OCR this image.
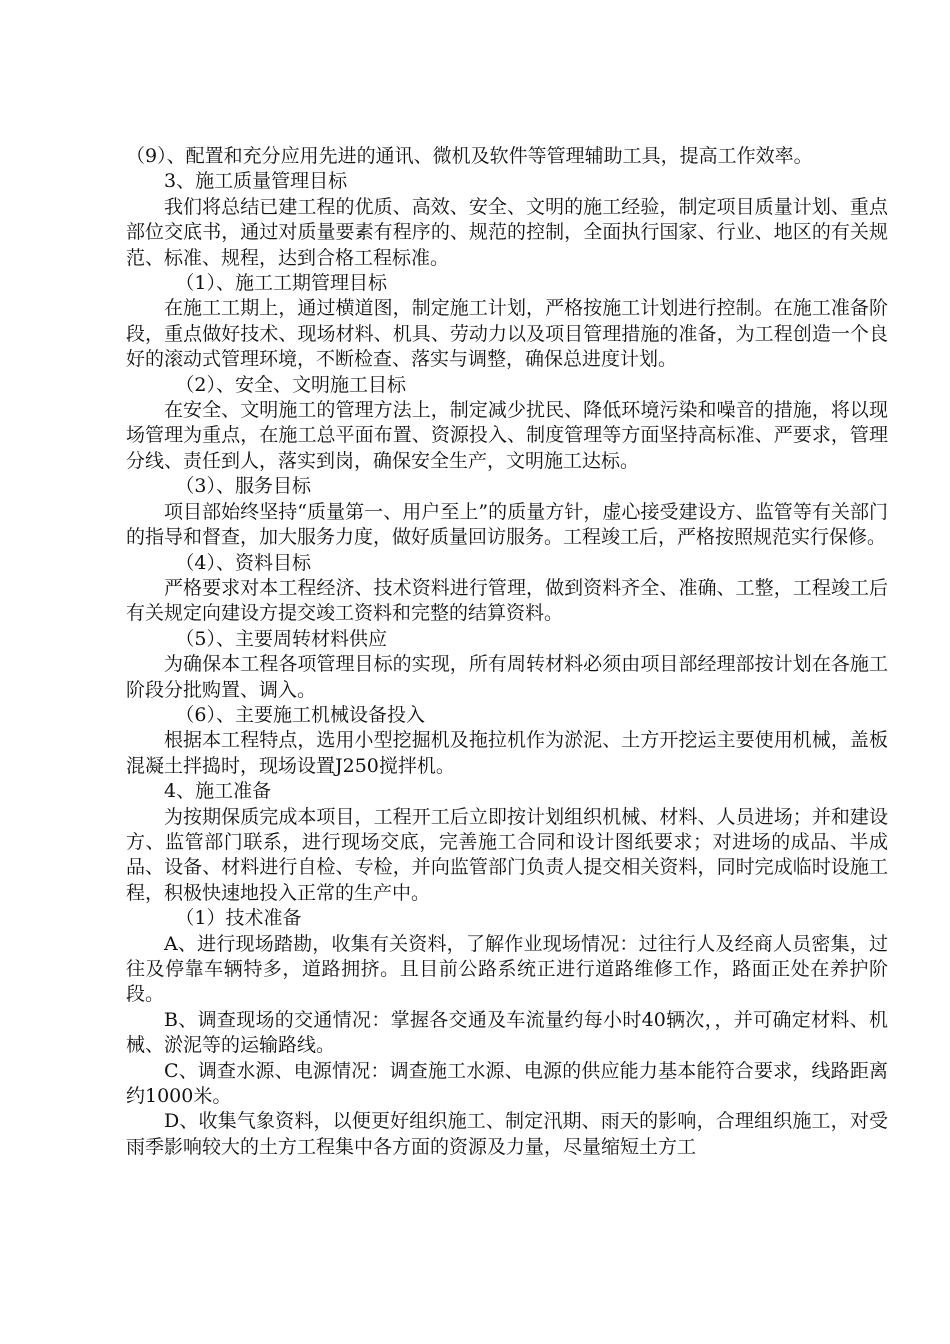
（9）、配置和充分应用先进的通讯、微机及软件等管理辅助工具，提高工作效率。

3、施工质量管理目标

我们将总结已建工程的优质、高效、安全、文明的施工经验，制定项目质量计划、重点部位交底书，通过对质量要素有程序的、规范的控制，全面执行国家、行业、地区的有关规范、标准、规程，达到合格工程标准。

（1）、施工工期管理目标

在施工工期上，通过横道图，制定施工计划，严格按施工计划进行控制。在施工准备阶段，重点做好技术、现场材料、机具、劳动力以及项目管理措施的准备，为工程创造一个良好的滚动式管理环境，不断检查、落实与调整，确保总进度计划。

（2）、安全、文明施工目标

在安全、文明施工的管理方法上，制定减少扰民、降低环境污染和噪音的措施，将以现场管理为重点，在施工总平面布置、资源投入、制度管理等方面坚持高标准、严要求，管理分线、责任到人，落实到岗，确保安全生产，文明施工达标。

（3）、服务目标

项目部始终坚持“质量第一、用户至上”的质量方针，虚心接受建设方、监管等有关部门的指导和督查，加大服务力度，做好质量回访服务。工程竣工后，严格按照规范实行保修。

（4）、资料目标

严格要求对本工程经济、技术资料进行管理，做到资料齐全、准确、工整，工程竣工后有关规定向建设方提交竣工资料和完整的结算资料。

（5）、主要周转材料供应

为确保本工程各项管理目标的实现，所有周转材料必须由项目部经理部按计划在各施工阶段分批购置、调入。

（6）、主要施工机械设备投入

根据本工程特点，选用小型挖掘机及拖拉机作为淤泥、土方开挖运主要使用机械，盖板混凝土拌捣时，现场设置J250搅拌机。

4、施工准备

为按期保质完成本项目，工程开工后立即按计划组织机械、材料、人员进场；并和建设方、监管部门联系，进行现场交底，完善施工合同和设计图纸要求；对进场的成品、半成品、设备、材料进行自检、专检，并向监管部门负责人提交相关资料，同时完成临时设施工程，积极快速地投入正常的生产中。

（1）技术准备

A、进行现场踏勘，收集有关资料，了解作业现场情况：过往行人及经商人员密集，过往及停靠车辆特多，道路拥挤。且目前公路系统正进行道路维修工作，路面正处在养护阶段。

B、调查现场的交通情况：掌握各交通及车流量约每小时40辆次，，并可确定材料、机械、淤泥等的运输路线。

C、调查水源、电源情况：调查施工水源、电源的供应能力基本能符合要求，线路距离约1000米。

D、收集气象资料，以便更好组织施工、制定汛期、雨天的影响，合理组织施工，对受雨季影响较大的土方工程集中各方面的资源及力量，尽量缩短土方工
